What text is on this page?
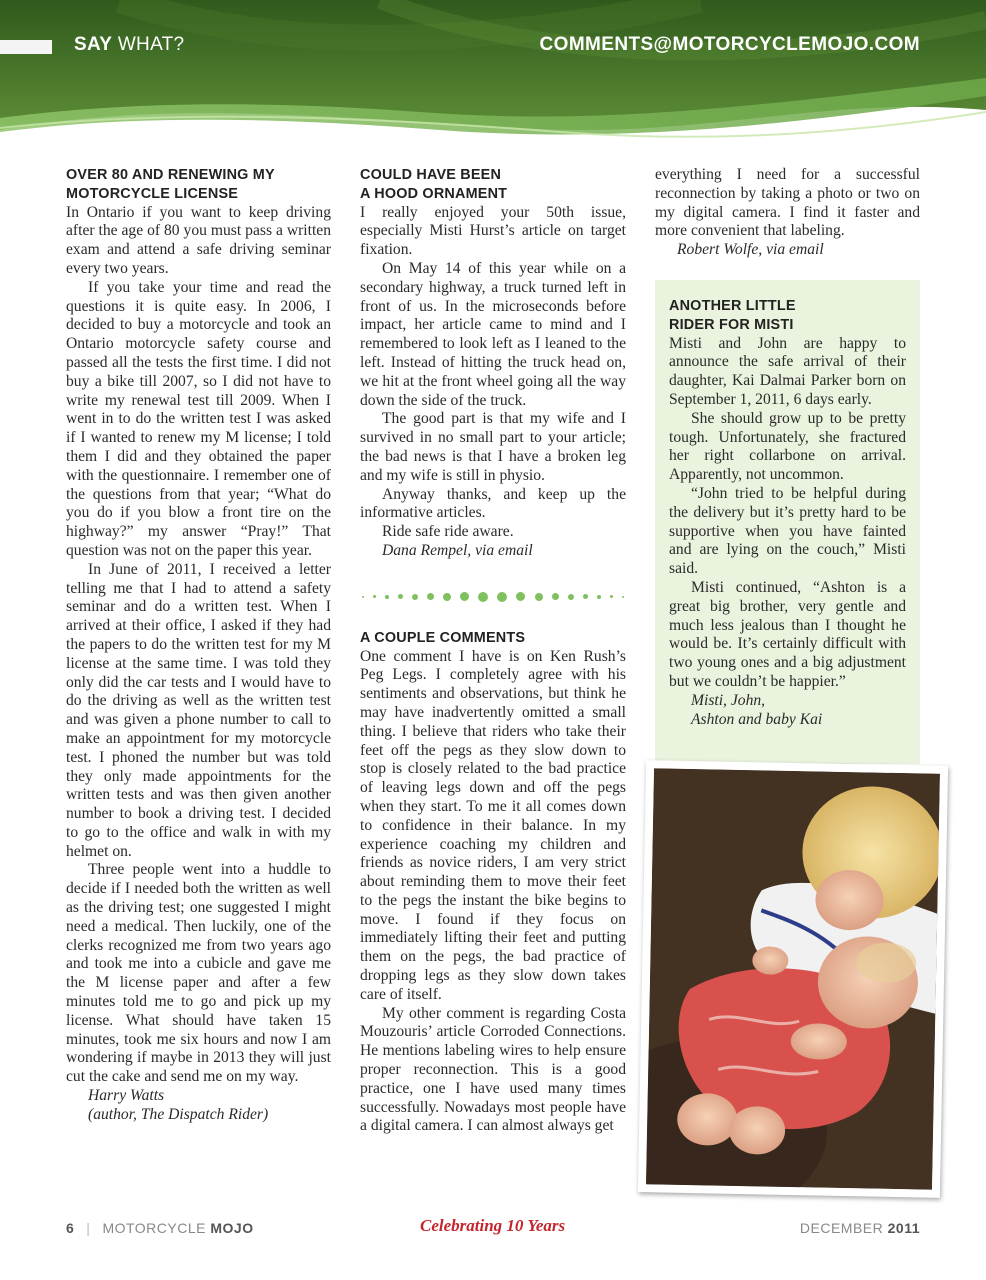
SAY WHAT?	COMMENTS@MOTORCYCLEMOJO.COM
OVER 80 AND RENEWING MY MOTORCYCLE LICENSE

In Ontario if you want to keep driving after the age of 80 you must pass a written exam and attend a safe driving seminar every two years.

If you take your time and read the questions it is quite easy. In 2006, I decided to buy a motorcycle and took an Ontario motorcycle safety course and passed all the tests the first time. I did not buy a bike till 2007, so I did not have to write my renewal test till 2009. When I went in to do the written test I was asked if I wanted to renew my M license; I told them I did and they obtained the paper with the questionnaire. I remember one of the questions from that year; “What do you do if you blow a front tire on the highway?” my answer “Pray!” That question was not on the paper this year.

In June of 2011, I received a letter telling me that I had to attend a safety seminar and do a written test. When I arrived at their office, I asked if they had the papers to do the written test for my M license at the same time. I was told they only did the car tests and I would have to do the driving as well as the written test and was given a phone number to call to make an appointment for my motorcycle test. I phoned the number but was told they only made appointments for the written tests and was then given another number to book a driving test. I decided to go to the office and walk in with my helmet on.

Three people went into a huddle to decide if I needed both the written as well as the driving test; one suggested I might need a medical. Then luckily, one of the clerks recognized me from two years ago and took me into a cubicle and gave me the M license paper and after a few minutes told me to go and pick up my license. What should have taken 15 minutes, took me six hours and now I am wondering if maybe in 2013 they will just cut the cake and send me on my way.

Harry Watts

(author, The Dispatch Rider)

COULD HAVE BEEN
A HOOD ORNAMENT

I really enjoyed your 50th issue, especially Misti Hurst’s article on target fixation.

On May 14 of this year while on a secondary highway, a truck turned left in front of us. In the microseconds before impact, her article came to mind and I remembered to look left as I leaned to the left. Instead of hitting the truck head on, we hit at the front wheel going all the way down the side of the truck.

The good part is that my wife and I survived in no small part to your article; the bad news is that I have a broken leg and my wife is still in physio.

Anyway thanks, and keep up the informative articles.

Ride safe ride aware.

Dana Rempel, via email

A COUPLE COMMENTS

One comment I have is on Ken Rush’s Peg Legs. I completely agree with his sentiments and observations, but think he may have inadvertently omitted a small thing. I believe that riders who take their feet off the pegs as they slow down to stop is closely related to the bad practice of leaving legs down and off the pegs when they start. To me it all comes down to confidence in their balance. In my experience coaching my children and friends as novice riders, I am very strict about reminding them to move their feet to the pegs the instant the bike begins to move. I found if they focus on immediately lifting their feet and putting them on the pegs, the bad practice of dropping legs as they slow down takes care of itself.

My other comment is regarding Costa Mouzouris’ article Corroded Connections. He mentions labeling wires to help ensure proper reconnection. This is a good practice, one I have used many times successfully. Nowadays most people have a digital camera. I can almost always get

everything I need for a successful reconnection by taking a photo or two on my digital camera. I find it faster and more convenient that labeling.

Robert Wolfe, via email

ANOTHER LITTLE
RIDER FOR MISTI

Misti and John are happy to announce the safe arrival of their daughter, Kai Dalmai Parker born on September 1, 2011, 6 days early.

She should grow up to be pretty tough. Unfortunately, she fractured her right collarbone on arrival. Apparently, not uncommon.

“John tried to be helpful during the delivery but it’s pretty hard to be supportive when you have fainted and are lying on the couch,” Misti said.

Misti continued, “Ashton is a great big brother, very gentle and much less jealous than I thought he would be. It’s certainly difficult with two young ones and a big adjustment but we couldn’t be happier.”

Misti, John,

Ashton and baby Kai

6 | MOTORCYCLE MOJO	Celebrating 10 Years	DECEMBER 2011
